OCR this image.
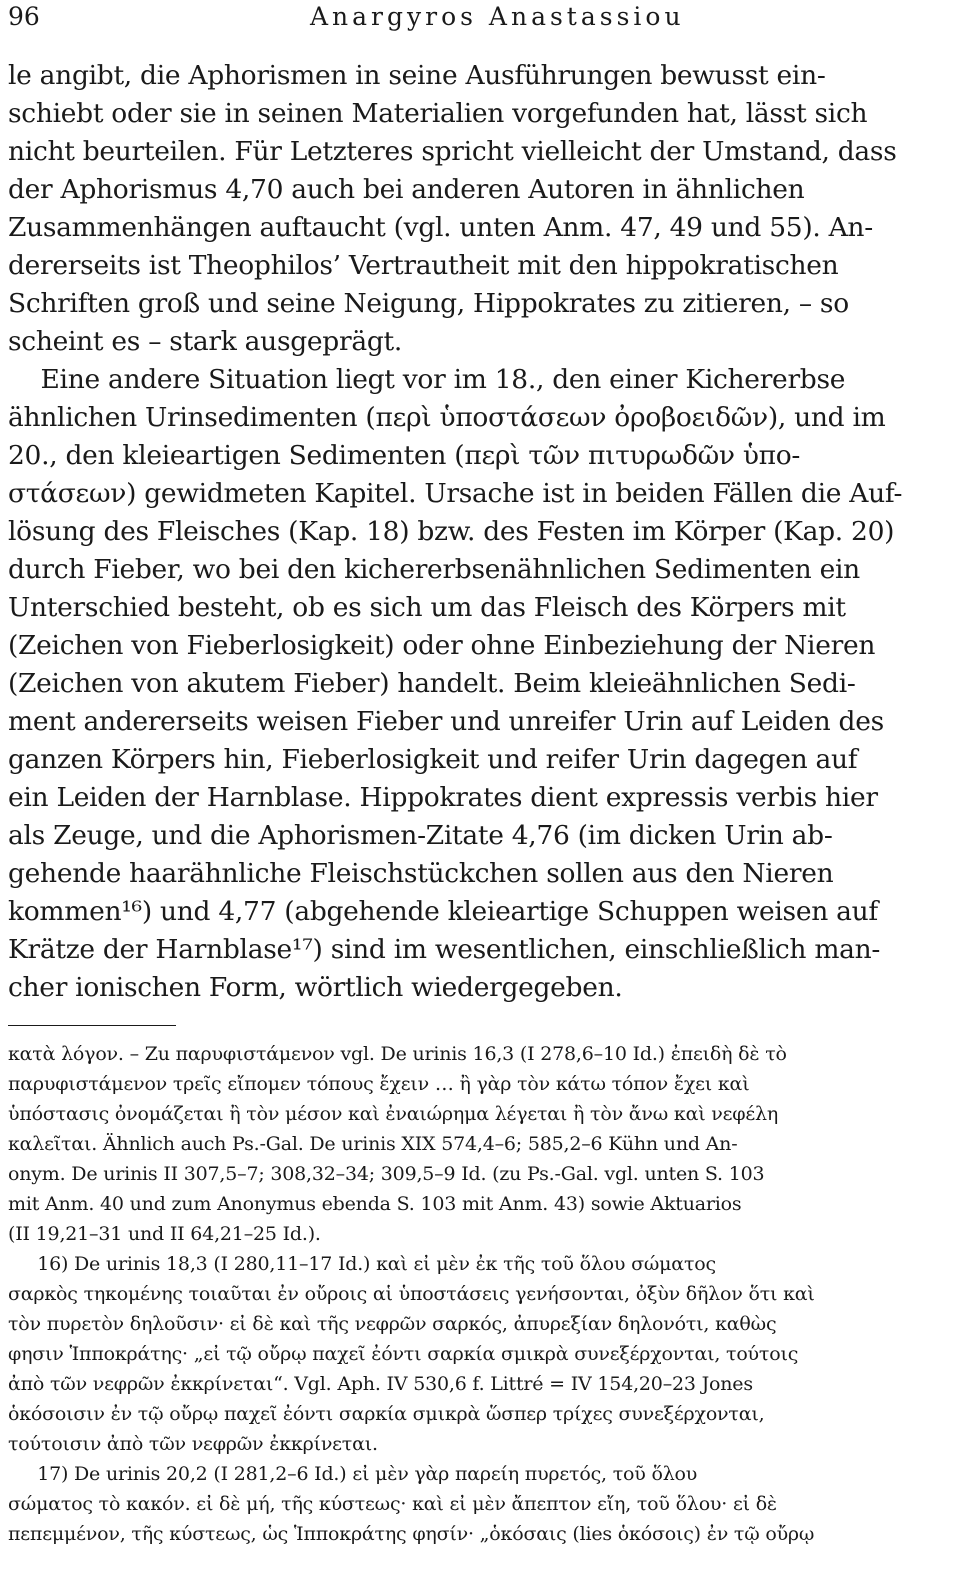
96	Anargyros Anastassiou
le angibt, die Aphorismen in seine Ausführungen bewusst ein-
schiebt oder sie in seinen Materialien vorgefunden hat, lässt sich
nicht beurteilen. Für Letzteres spricht vielleicht der Umstand, dass
der Aphorismus 4,70 auch bei anderen Autoren in ähnlichen
Zusammenhängen auftaucht (vgl. unten Anm. 47, 49 und 55). An-
dererseits ist Theophilos’ Vertrautheit mit den hippokratischen
Schriften groß und seine Neigung, Hippokrates zu zitieren, – so
scheint es – stark ausgeprägt.
Eine andere Situation liegt vor im 18., den einer Kichererbse
ähnlichen Urinsedimenten (περὶ ὑποστάσεων ὀροβοειδῶν), und im
20., den kleieartigen Sedimenten (περὶ τῶν πιτυρωδῶν ὑπο-
στάσεων) gewidmeten Kapitel. Ursache ist in beiden Fällen die Auf-
lösung des Fleisches (Kap. 18) bzw. des Festen im Körper (Kap. 20)
durch Fieber, wo bei den kichererbsenähnlichen Sedimenten ein
Unterschied besteht, ob es sich um das Fleisch des Körpers mit
(Zeichen von Fieberlosigkeit) oder ohne Einbeziehung der Nieren
(Zeichen von akutem Fieber) handelt. Beim kleieähnlichen Sedi-
ment andererseits weisen Fieber und unreifer Urin auf Leiden des
ganzen Körpers hin, Fieberlosigkeit und reifer Urin dagegen auf
ein Leiden der Harnblase. Hippokrates dient expressis verbis hier
als Zeuge, und die Aphorismen-Zitate 4,76 (im dicken Urin ab-
gehende haarähnliche Fleischstückchen sollen aus den Nieren
kommen¹⁶) und 4,77 (abgehende kleieartige Schuppen weisen auf
Krätze der Harnblase¹⁷) sind im wesentlichen, einschließlich man-
cher ionischen Form, wörtlich wiedergegeben.
κατὰ λόγον. – Zu παρυφιστάμενον vgl. De urinis 16,3 (I 278,6–10 Id.) ἐπειδὴ δὲ τὸ
παρυφιστάμενον τρεῖς εἴπομεν τόπους ἔχειν … ἢ γὰρ τὸν κάτω τόπον ἔχει καὶ
ὑπόστασις ὀνομάζεται ἢ τὸν μέσον καὶ ἐναιώρημα λέγεται ἢ τὸν ἄνω καὶ νεφέλη
καλεῖται. Ähnlich auch Ps.-Gal. De urinis XIX 574,4–6; 585,2–6 Kühn und An-
onym. De urinis II 307,5–7; 308,32–34; 309,5–9 Id. (zu Ps.-Gal. vgl. unten S. 103
mit Anm. 40 und zum Anonymus ebenda S. 103 mit Anm. 43) sowie Aktuarios
(II 19,21–31 und II 64,21–25 Id.).
16) De urinis 18,3 (I 280,11–17 Id.) καὶ εἰ μὲν ἐκ τῆς τοῦ ὅλου σώματος
σαρκὸς τηκομένης τοιαῦται ἐν οὔροις αἱ ὑποστάσεις γενήσονται, ὀξὺν δῆλον ὅτι καὶ
τὸν πυρετὸν δηλοῦσιν· εἰ δὲ καὶ τῆς νεφρῶν σαρκός, ἀπυρεξίαν δηλονότι, καθὼς
φησιν Ἱπποκράτης· „εἰ τῷ οὔρῳ παχεῖ ἐόντι σαρκία σμικρὰ συνεξέρχονται, τούτοις
ἀπὸ τῶν νεφρῶν ἐκκρίνεται“. Vgl. Aph. IV 530,6 f. Littré = IV 154,20–23 Jones
ὁκόσοισιν ἐν τῷ οὔρῳ παχεῖ ἐόντι σαρκία σμικρὰ ὥσπερ τρίχες συνεξέρχονται,
τούτοισιν ἀπὸ τῶν νεφρῶν ἐκκρίνεται.
17) De urinis 20,2 (I 281,2–6 Id.) εἰ μὲν γὰρ παρείη πυρετός, τοῦ ὅλου
σώματος τὸ κακόν. εἰ δὲ μή, τῆς κύστεως· καὶ εἰ μὲν ἄπεπτον εἴη, τοῦ ὅλου· εἰ δὲ
πεπεμμένον, τῆς κύστεως, ὡς Ἱπποκράτης φησίν· „ὁκόσαις (lies ὁκόσοις) ἐν τῷ οὔρῳ
